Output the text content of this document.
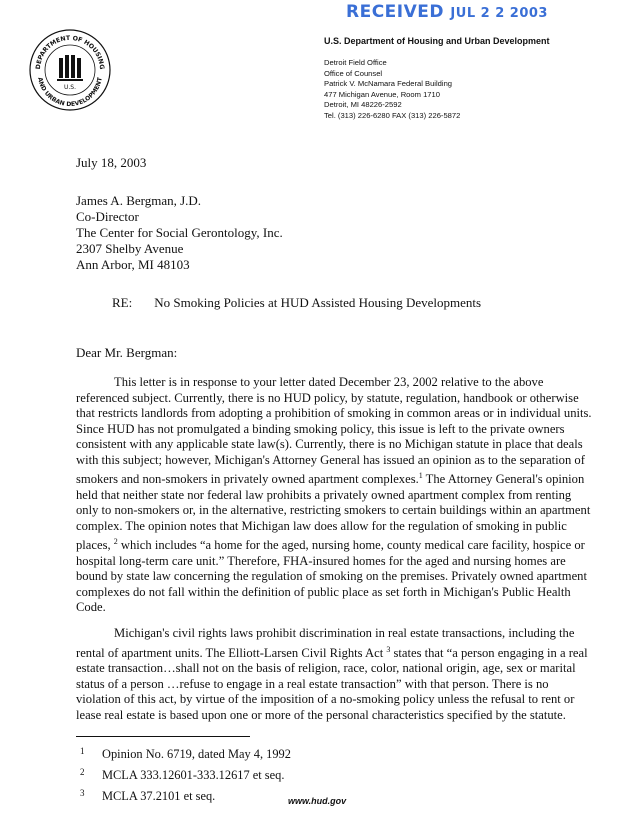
RECEIVED JUL 2 2 2003
DEPARTMENT OF HOUSING
AND URBAN DEVELOPMENT
U.S.
U.S. Department of Housing and Urban Development
Detroit Field Office
Office of Counsel
Patrick V. McNamara Federal Building
477 Michigan Avenue, Room 1710
Detroit, MI 48226-2592
Tel. (313) 226-6280 FAX (313) 226-5872
July 18, 2003
James A. Bergman, J.D.
Co-Director
The Center for Social Gerontology, Inc.
2307 Shelby Avenue
Ann Arbor, MI 48103
RE: No Smoking Policies at HUD Assisted Housing Developments
Dear Mr. Bergman:

This letter is in response to your letter dated December 23, 2002 relative to the above referenced subject. Currently, there is no HUD policy, by statute, regulation, handbook or otherwise that restricts landlords from adopting a prohibition of smoking in common areas or in individual units. Since HUD has not promulgated a binding smoking policy, this issue is left to the private owners consistent with any applicable state law(s). Currently, there is no Michigan statute in place that deals with this subject; however, Michigan's Attorney General has issued an opinion as to the separation of smokers and non-smokers in privately owned apartment complexes.$^1$ The Attorney General's opinion held that neither state nor federal law prohibits a privately owned apartment complex from renting only to non-smokers or, in the alternative, restricting smokers to certain buildings within an apartment complex. The opinion notes that Michigan law does allow for the regulation of smoking in public places, $^2$ which includes “a home for the aged, nursing home, county medical care facility, hospice or hospital long-term care unit.” Therefore, FHA-insured homes for the aged and nursing homes are bound by state law concerning the regulation of smoking on the premises. Privately owned apartment complexes do not fall within the definition of public place as set forth in Michigan's Public Health Code.

Michigan's civil rights laws prohibit discrimination in real estate transactions, including the rental of apartment units. The Elliott-Larsen Civil Rights Act $^3$ states that “a person engaging in a real estate transaction…shall not on the basis of religion, race, color, national origin, age, sex or marital status of a person …refuse to engage in a real estate transaction” with that person. There is no violation of this act, by virtue of the imposition of a no-smoking policy unless the refusal to rent or lease real estate is based upon one or more of the personal characteristics specified by the statute.

1 Opinion No. 6719, dated May 4, 1992
2 MCLA 333.12601-333.12617 et seq.
3 MCLA 37.2101 et seq.	www.hud.gov
